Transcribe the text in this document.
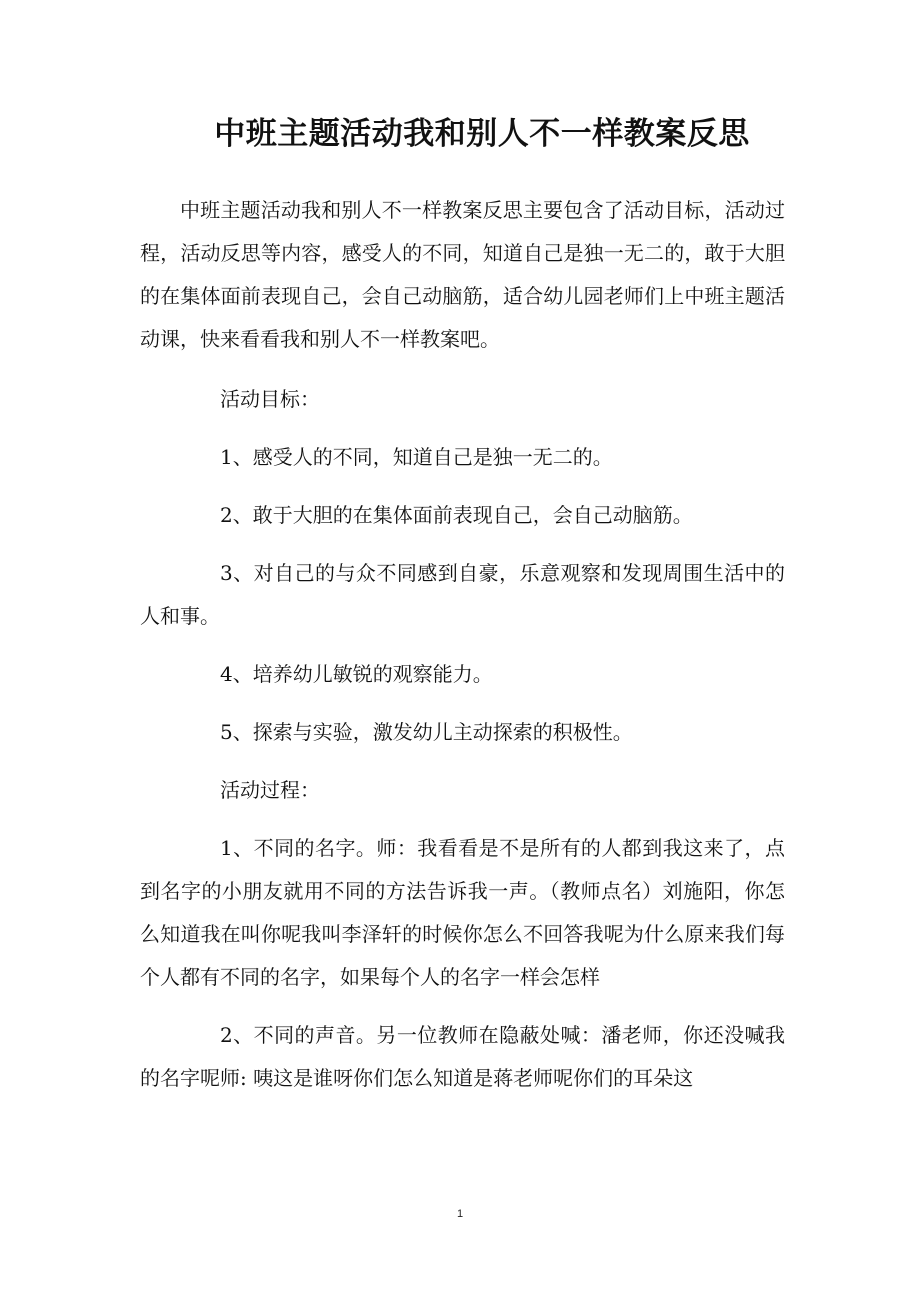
中班主题活动我和别人不一样教案反思

中班主题活动我和别人不一样教案反思主要包含了活动目标，活动过程，活动反思等内容，感受人的不同，知道自己是独一无二的，敢于大胆的在集体面前表现自己，会自己动脑筋，适合幼儿园老师们上中班主题活动课，快来看看我和别人不一样教案吧。

活动目标：

1、感受人的不同，知道自己是独一无二的。

2、敢于大胆的在集体面前表现自己，会自己动脑筋。

3、对自己的与众不同感到自豪，乐意观察和发现周围生活中的人和事。

4、培养幼儿敏锐的观察能力。

5、探索与实验，激发幼儿主动探索的积极性。

活动过程：

1、不同的名字。师：我看看是不是所有的人都到我这来了，点到名字的小朋友就用不同的方法告诉我一声。（教师点名）刘施阳，你怎么知道我在叫你呢我叫李泽轩的时候你怎么不回答我呢为什么原来我们每个人都有不同的名字，如果每个人的名字一样会怎样

2、不同的声音。另一位教师在隐蔽处喊：潘老师，你还没喊我的名字呢师: 咦这是谁呀你们怎么知道是蒋老师呢你们的耳朵这

1
